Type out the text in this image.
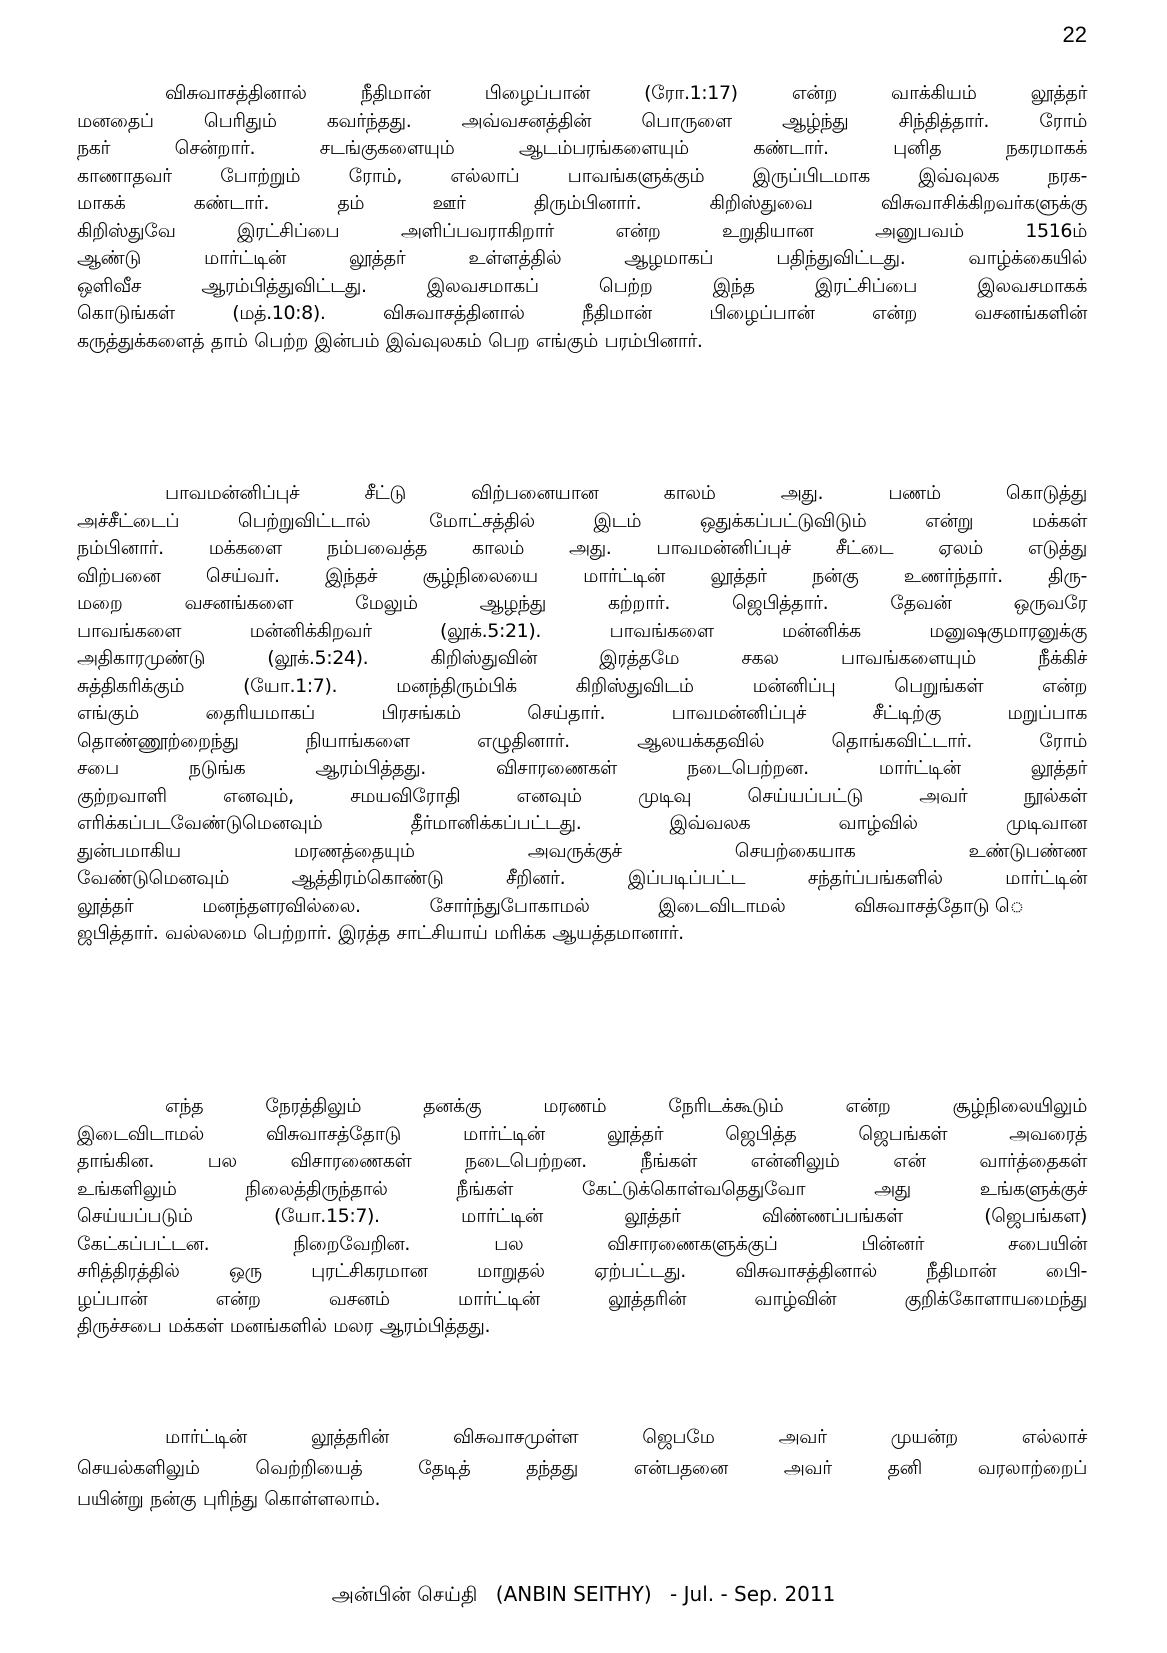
22
விசுவாசத்தினால் நீதிமான் பிழைப்பான் (ரோ.1:17) என்ற வாக்கியம் லூத்தர்
மனதைப் பெரிதும் கவர்ந்தது. அவ்வசனத்தின் பொருளை ஆழ்ந்து சிந்தித்தார். ரோம்
நகர் சென்றார். சடங்குகளையும் ஆடம்பரங்களையும் கண்டார். புனித நகரமாகக்
காணாதவர் போற்றும் ரோம், எல்லாப் பாவங்களுக்கும் இருப்பிடமாக இவ்வுலக நரக-
மாகக் கண்டார். தம் ஊர் திரும்பினார். கிறிஸ்துவை விசுவாசிக்கிறவர்களுக்கு
கிறிஸ்துவே இரட்சிப்பை அளிப்பவராகிறார் என்ற உறுதியான அனுபவம் 1516ம்
ஆண்டு மார்ட்டின் லூத்தர் உள்ளத்தில் ஆழமாகப் பதிந்துவிட்டது. வாழ்க்கையில்
ஒளிவீச ஆரம்பித்துவிட்டது. இலவசமாகப் பெற்ற இந்த இரட்சிப்பை இலவசமாகக்
கொடுங்கள் (மத்.10:8). விசுவாசத்தினால் நீதிமான் பிழைப்பான் என்ற வசனங்களின்
கருத்துக்களைத் தாம் பெற்ற இன்பம் இவ்வுலகம் பெற எங்கும் பரம்பினார்.
பாவமன்னிப்புச் சீட்டு விற்பனையான காலம் அது. பணம் கொடுத்து
அச்சீட்டைப் பெற்றுவிட்டால் மோட்சத்தில் இடம் ஒதுக்கப்பட்டுவிடும் என்று மக்கள்
நம்பினார். மக்களை நம்பவைத்த காலம் அது. பாவமன்னிப்புச் சீட்டை ஏலம் எடுத்து
விற்பனை செய்வர். இந்தச் சூழ்நிலையை மார்ட்டின் லூத்தர் நன்கு உணர்ந்தார். திரு-
மறை வசனங்களை மேலும் ஆழந்து கற்றார். ஜெபித்தார். தேவன் ஒருவரே
பாவங்களை மன்னிக்கிறவர் (லூக்.5:21). பாவங்களை மன்னிக்க மனுஷகுமாரனுக்கு
அதிகாரமுண்டு (லூக்.5:24). கிறிஸ்துவின் இரத்தமே சகல பாவங்களையும் நீக்கிச்
சுத்திகரிக்கும் (யோ.1:7). மனந்திரும்பிக் கிறிஸ்துவிடம் மன்னிப்பு பெறுங்கள் என்ற
எங்கும் தைரியமாகப் பிரசங்கம் செய்தார். பாவமன்னிப்புச் சீட்டிற்கு மறுப்பாக
தொண்ணூற்றைந்து நியாங்களை எழுதினார். ஆலயக்கதவில் தொங்கவிட்டார். ரோம்
சபை நடுங்க ஆரம்பித்தது. விசாரணைகள் நடைபெற்றன. மார்ட்டின் லூத்தர்
குற்றவாளி எனவும், சமயவிரோதி எனவும் முடிவு செய்யப்பட்டு அவர் நூல்கள்
எரிக்கப்படவேண்டுமெனவும் தீர்மானிக்கப்பட்டது. இவ்வலக வாழ்வில் முடிவான
துன்பமாகிய மரணத்தையும் அவருக்குச் செயற்கையாக உண்டுபண்ண
வேண்டுமெனவும் ஆத்திரம்கொண்டு சீறினர். இப்படிப்பட்ட சந்தர்ப்பங்களில் மார்ட்டின்
லூத்தர் மனந்தளரவில்லை. சோர்ந்துபோகாமல் இடைவிடாமல் விசுவாசத்தோடு ெ
ஜபித்தார். வல்லமை பெற்றார். இரத்த சாட்சியாய் மரிக்க ஆயத்தமானார்.
எந்த நேரத்திலும் தனக்கு மரணம் நேரிடக்கூடும் என்ற சூழ்நிலையிலும்
இடைவிடாமல் விசுவாசத்தோடு மார்ட்டின் லூத்தர் ஜெபித்த ஜெபங்கள் அவரைத்
தாங்கின. பல விசாரணைகள் நடைபெற்றன. நீங்கள் என்னிலும் என் வார்த்தைகள்
உங்களிலும் நிலைத்திருந்தால் நீங்கள் கேட்டுக்கொள்வதெதுவோ அது உங்களுக்குச்
செய்யப்படும் (யோ.15:7). மார்ட்டின் லூத்தர் விண்ணப்பங்கள் (ஜெபங்கள)
கேட்கப்பட்டன. நிறைவேறின. பல விசாரணைகளுக்குப் பின்னர் சபையின்
சரித்திரத்தில் ஒரு புரட்சிகரமான மாறுதல் ஏற்பட்டது. விசுவாசத்தினால் நீதிமான் பிை-
ழப்பான் என்ற வசனம் மார்ட்டின் லூத்தரின் வாழ்வின் குறிக்கோளாயமைந்து
திருச்சபை மக்கள் மனங்களில் மலர ஆரம்பித்தது.
மார்ட்டின் லூத்தரின் விசுவாசமுள்ள ஜெபமே அவர் முயன்ற எல்லாச்
செயல்களிலும் வெற்றியைத் தேடித் தந்தது என்பதனை அவர் தனி வரலாற்றைப்
பயின்று நன்கு புரிந்து கொள்ளலாம்.
அன்பின் செய்தி (ANBIN SEITHY) - Jul. - Sep. 2011
